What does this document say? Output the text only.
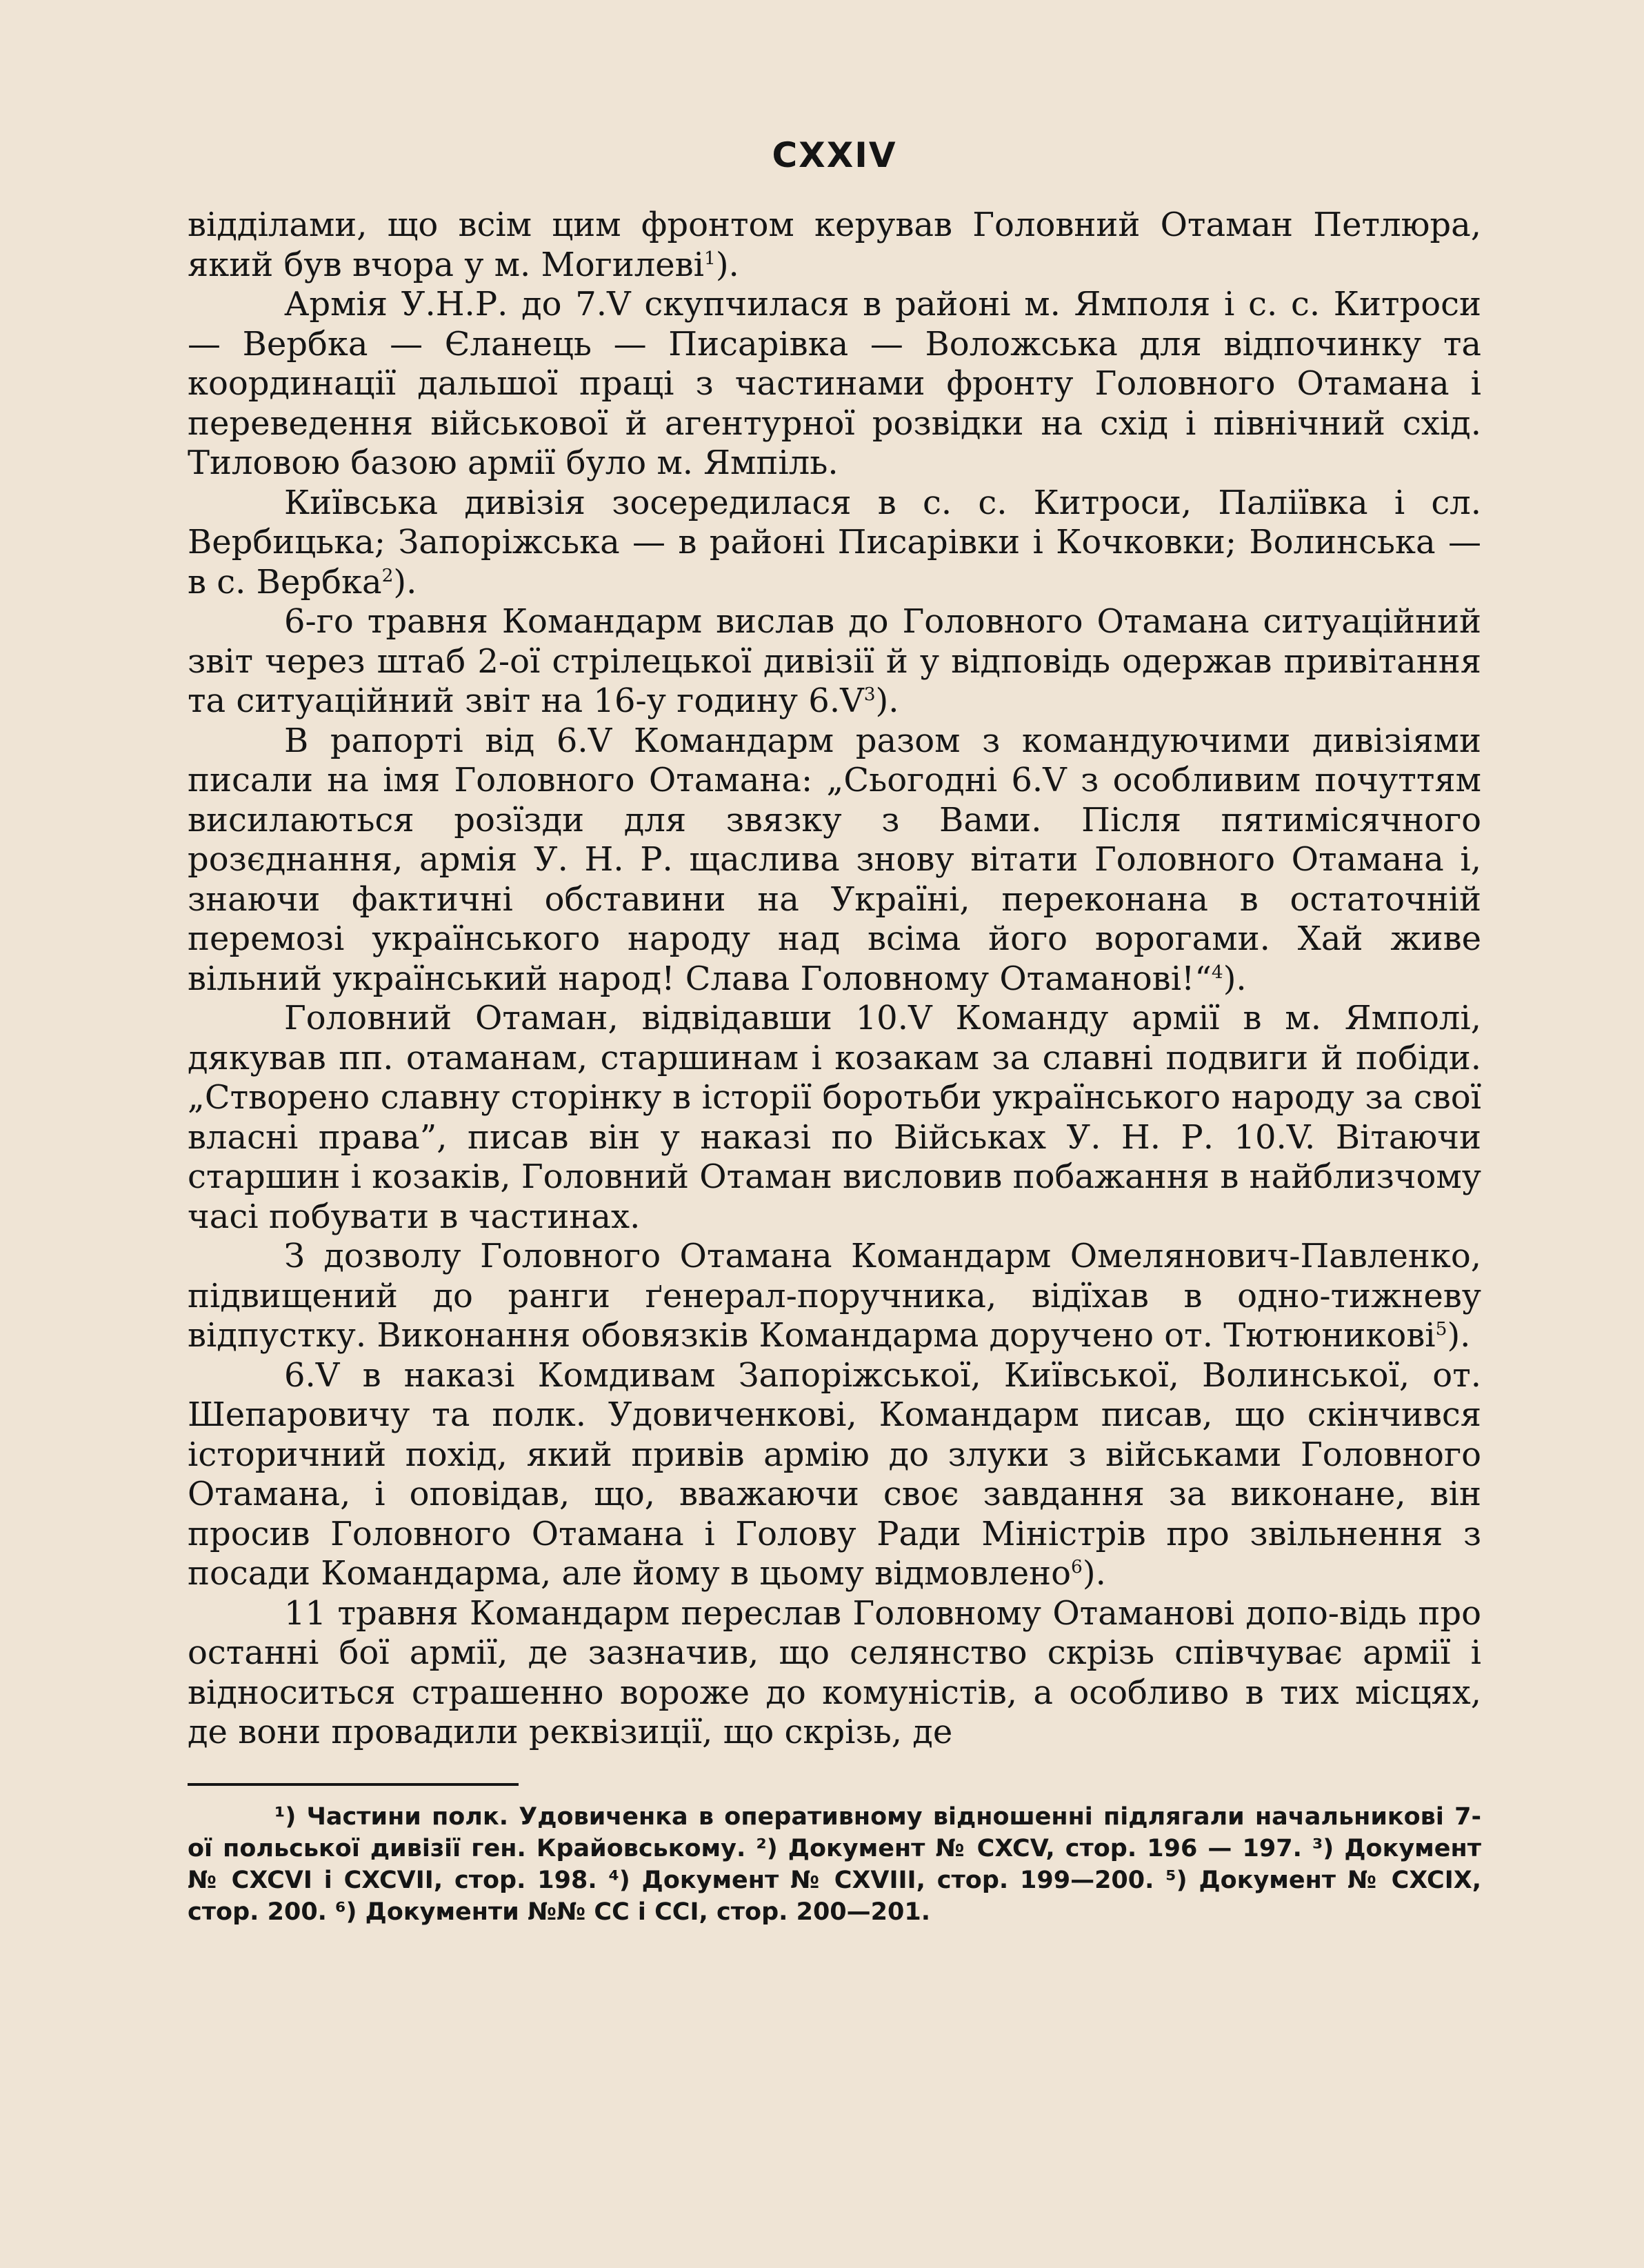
CXXIV

відділами, що всім цим фронтом керував Головний Отаман Петлюра, який був вчора у м. Могилеві$^1$).

Армія У.Н.Р. до 7.V скупчилася в районі м. Ямполя і с. с. Китроси — Вербка — Єланець — Писарівка — Воложська для відпочинку та координації дальшої праці з частинами фронту Головного Отамана і переведення військової й агентурної розвідки на схід і північний схід. Тиловою базою армії було м. Ямпіль.

Київська дивізія зосередилася в с. с. Китроси, Паліївка і сл. Вербицька; Запоріжська — в районі Писарівки і Кочковки; Волинська — в с. Вербка$^2$).

6-го травня Командарм вислав до Головного Отамана ситуаційний звіт через штаб 2-ої стрілецької дивізії й у відповідь одержав привітання та ситуаційний звіт на 16-у годину $6.V^3$).

В рапорті від 6.V Командарм разом з командуючими дивізіями писали на імя Головного Отамана: „Сьогодні 6.V з особливим почуттям висилаються розїзди для звязку з Вами. Після пятимісячного розєднання, армія У. Н. Р. щаслива знову вітати Головного Отамана і, знаючи фактичні обставини на Україні, переконана в остаточній перемозі українського народу над всіма його ворогами. Хай живе вільний український народ! Слава Головному Отаманові!“$^4$).

Головний Отаман, відвідавши 10.V Команду армії в м. Ямполі, дякував пп. отаманам, старшинам і козакам за славні подвиги й побіди. „Створено славну сторінку в історії боротьби українського народу за свої власні права”, писав він у наказі по Військах У. Н. Р. 10.V. Вітаючи старшин і козаків, Головний Отаман висловив побажання в найблизчому часі побувати в частинах.

З дозволу Головного Отамана Командарм Омелянович-Павленко, підвищений до ранги ґенерал-поручника, відїхав в одно-тижневу відпустку. Виконання обовязків Командарма доручено от. Тютюникові$^5$).

6.V в наказі Комдивам Запоріжської, Київської, Волинської, от. Шепаровичу та полк. Удовиченкові, Командарм писав, що скінчився історичний похід, який привів армію до злуки з військами Головного Отамана, і оповідав, що, вважаючи своє завдання за виконане, він просив Головного Отамана і Голову Ради Міністрів про звільнення з посади Командарма, але йому в цьому відмовлено$^6$).

11 травня Командарм переслав Головному Отаманові допо-відь про останні бої армії, де зазначив, що селянство скрізь співчуває армії і відноситься страшенно вороже до комуністів, а особливо в тих місцях, де вони провадили реквізиції, що скрізь, де

¹) Частини полк. Удовиченка в оперативному відношенні підлягали начальникові 7-ої польської дивізії ген. Крайовському. ²) Документ № CXCV, стор. 196 — 197. ³) Документ № CXCVI і CXCVII, стор. 198. ⁴) Документ № CXVIII, стор. 199—200. ⁵) Документ № CXCIX, стор. 200. ⁶) Документи №№ CC і CCI, стор. 200—201.
